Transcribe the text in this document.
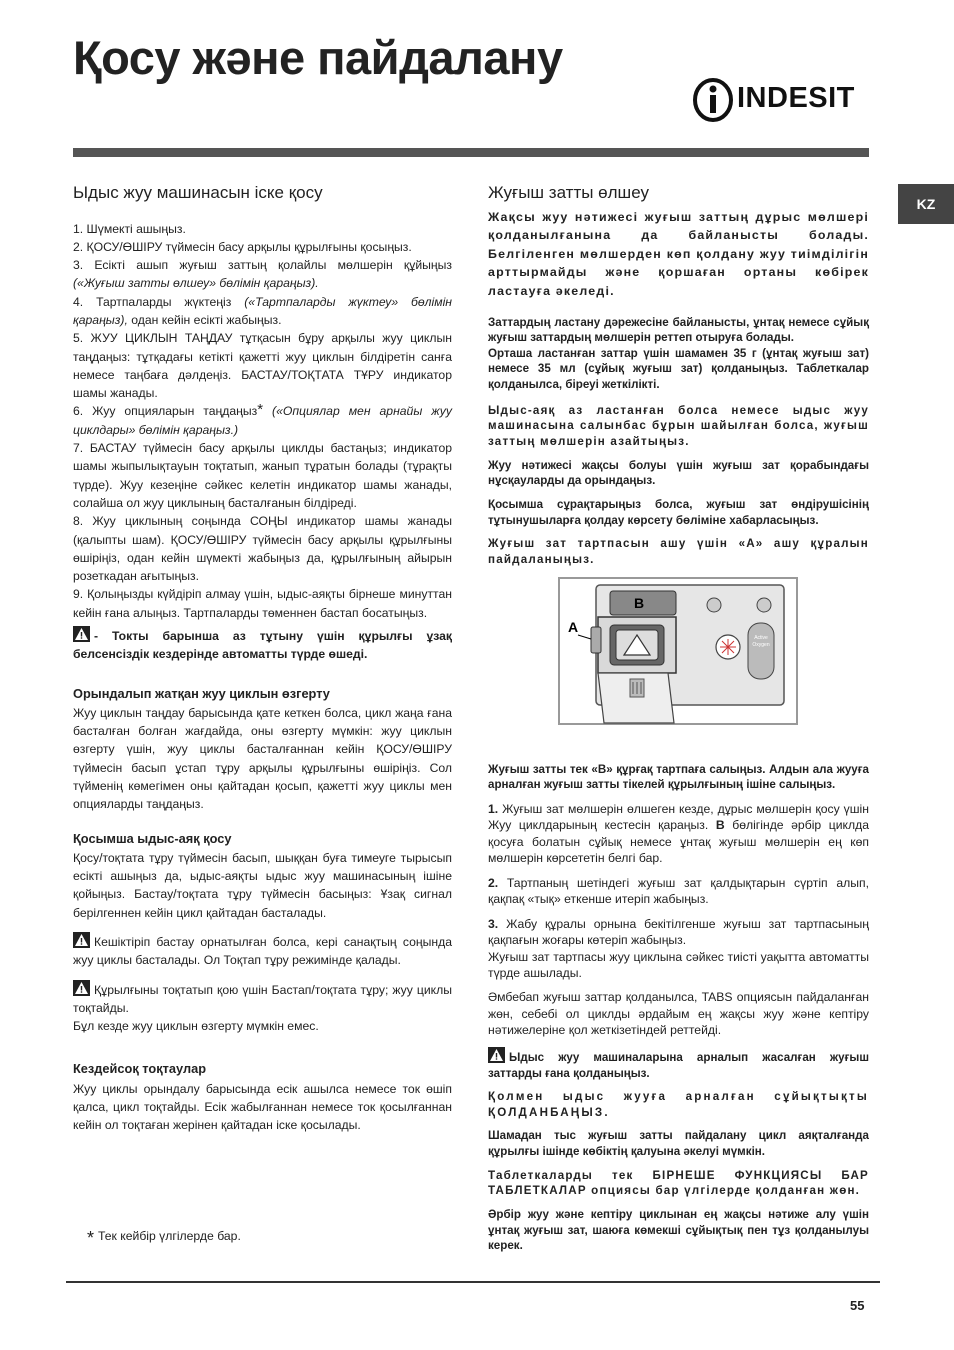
Қосу және пайдалану
INDESIT
KZ
Ыдыс жуу машинасын іске қосу

1. Шүмекті ашыңыз.

2. ҚОСУ/ӨШІРУ түймесін басу арқылы құрылғыны қосыңыз.

3. Есікті ашып жуғыш заттың қолайлы мөлшерін құйыңыз («Жуғыш затты өлшеу» бөлімін қараңыз).

4. Тартпаларды жүктеңіз («Тартпаларды жүктеу» бөлімін қараңыз), одан кейін есікті жабыңыз.

5. ЖУУ ЦИКЛЫН ТАҢДАУ тұтқасын бұру арқылы жуу циклын таңдаңыз: тұтқадағы кетікті қажетті жуу циклын білдіретін санға немесе таңбаға дәлдеңіз. БАСТАУ/ТОҚТАТА ТҰРУ индикатор шамы жанады.

6. Жуу опцияларын таңдаңыз* («Опциялар мен арнайы жуу циклдары» бөлімін қараңыз.)

7. БАСТАУ түймесін басу арқылы циклды бастаңыз; индикатор шамы жыпылықтауын тоқтатып, жанып тұратын болады (тұрақты түрде). Жуу кезеңіне сәйкес келетін индикатор шамы жанады, солайша ол жуу циклының басталғанын білдіреді.

8. Жуу циклының соңында СОҢЫ индикатор шамы жанады (қалыпты шам). ҚОСУ/ӨШІРУ түймесін басу арқылы құрылғыны өшіріңіз, одан кейін шүмекті жабыңыз да, құрылғының айырын розеткадан ағытыңыз.

9. Қолыңызды күйдіріп алмау үшін, ыдыс-аяқты бірнеше минуттан кейін ғана алыңыз. Тартпаларды төменнен бастап босатыңыз.

- Токты барынша аз тұтыну үшін құрылғы ұзақ белсенсіздік кездерінде автоматты түрде өшеді.

Орындалып жатқан жуу циклын өзгерту

Жуу циклын таңдау барысында қате кеткен болса, цикл жаңа ғана басталған болған жағдайда, оны өзгерту мүмкін: жуу циклын өзгерту үшін, жуу циклы басталғаннан кейін ҚОСУ/ӨШІРУ түймесін басып ұстап тұру арқылы құрылғыны өшіріңіз. Сол түйменің көмегімен оны қайтадан қосып, қажетті жуу циклы мен опцияларды таңдаңыз.

Қосымша ыдыс-аяқ қосу

Қосу/тоқтата тұру түймесін басып, шыққан буға тимеуге тырысып есікті ашыңыз да, ыдыс-аяқты ыдыс жуу машинасының ішіне қойыңыз. Бастау/тоқтата тұру түймесін басыңыз: Ұзақ сигнал берілгеннен кейін цикл қайтадан басталады.

Кешіктіріп бастау орнатылған болса, кері санақтың соңында жуу циклы басталады. Ол Тоқтап тұру режимінде қалады.

Құрылғыны тоқтатып қою үшін Бастап/тоқтата тұру; жуу циклы тоқтайды.

Бұл кезде жуу циклын өзгерту мүмкін емес.

Кездейсоқ тоқтаулар

Жуу циклы орындалу барысында есік ашылса немесе ток өшіп қалса, цикл тоқтайды. Есік жабылғаннан немесе ток қосылғаннан кейін ол тоқтаған жерінен қайтадан іске қосылады.

* Тек кейбір үлгілерде бар.
Жуғыш затты өлшеу

Жақсы жуу нәтижесі жуғыш заттың дұрыс мөлшері қолданылғанына да байланысты болады. Белгіленген мөлшерден көп қолдану жуу тиімділігін арттырмайды және қоршаған ортаны көбірек ластауға әкеледі.

Заттардың ластану дәрежесіне байланысты, ұнтақ немесе сұйық жуғыш заттардың мөлшерін реттеп отыруға болады.

Орташа ластанған заттар үшін шамамен 35 г (ұнтақ жуғыш зат) немесе 35 мл (сұйық жуғыш зат) қолданыңыз. Таблеткалар қолданылса, біреуі жеткілікті.

Ыдыс-аяқ аз ластанған болса немесе ыдыс жуу машинасына салынбас бұрын шайылған болса, жуғыш заттың мөлшерін азайтыңыз.

Жуу нәтижесі жақсы болуы үшін жуғыш зат қорабындағы нұсқауларды да орындаңыз.

Қосымша сұрақтарыңыз болса, жуғыш зат өндірушісінің тұтынушыларға қолдау көрсету бөліміне хабарласыңыз.

Жуғыш зат тартпасын ашу үшін «А» ашу құралын пайдаланыңыз.

Жуғыш затты тек «В» құрғақ тартпаға салыңыз. Алдын ала жууға арналған жуғыш затты тікелей құрылғының ішіне салыңыз.

1. Жуғыш зат мөлшерін өлшеген кезде, дұрыс мөлшерін қосу үшін Жуу циклдарының кестесін қараңыз. B бөлігінде әрбір циклда қосуға болатын сұйық немесе ұнтақ жуғыш мөлшерін ең көп мөлшерін көрсететін белгі бар.

2. Тартпаның шетіндегі жуғыш зат қалдықтарын сүртіп алып, қақпақ «тық» еткенше итеріп жабыңыз.

3. Жабу құралы орнына бекітілгенше жуғыш зат тартпасының қақпағын жоғары көтеріп жабыңыз.

Жуғыш зат тартпасы жуу циклына сәйкес тиісті уақытта автоматты түрде ашылады.

Әмбебап жуғыш заттар қолданылса, TABS опциясын пайдаланған жөн, себебі ол циклды әрдайым ең жақсы жуу және кептіру нәтижелеріне қол жеткізетіндей реттейді.

Ыдыс жуу машиналарына арналып жасалған жуғыш заттарды ғана қолданыңыз.

Қолмен ыдыс жууға арналған сұйықтықты ҚОЛДАНБАҢЫЗ.

Шамадан тыс жуғыш затты пайдалану цикл аяқталғанда құрылғы ішінде көбіктің қалуына әкелуі мүмкін.

Таблеткаларды тек БІРНЕШЕ ФУНКЦИЯСЫ БАР ТАБЛЕТКАЛАР опциясы бар үлгілерде қолданған жөн.

Әрбір жуу және кептіру циклынан ең жақсы нәтиже алу үшін ұнтақ жуғыш зат, шаюға көмекші сұйықтық пен тұз қолданылуы керек.

Active
Oxygen
B
A
55
